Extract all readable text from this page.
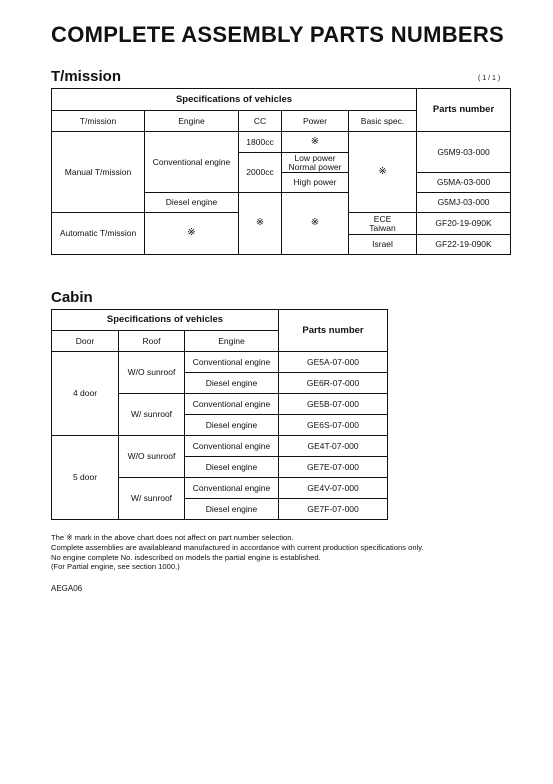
COMPLETE ASSEMBLY PARTS NUMBERS
T/mission	( 1 / 1 )
Specifications of vehicles					Parts number
T/mission	Engine	CC	Power	Basic spec.	
Manual T/mission	Conventional engine	1800cc	※	※	G5M9-03-000
		2000cc	Low power
Normal power		

			High power		G5MA-03-000
	Diesel engine	※	※		G5MJ-03-000
Automatic T/mission	※			ECE
Taiwan	GF20-19-090K
				Israel	GF22-19-090K
Cabin
Specifications of vehicles			Parts number
Door	Roof	Engine	
4 door	W/O sunroof	Conventional engine	GE5A-07-000
		Diesel engine	GE6R-07-000
	W/ sunroof	Conventional engine	GE5B-07-000
		Diesel engine	GE6S-07-000
5 door	W/O sunroof	Conventional engine	GE4T-07-000
		Diesel engine	GE7E-07-000
	W/ sunroof	Conventional engine	GE4V-07-000
		Diesel engine	GE7F-07-000
The ※ mark in the above chart does not affect on part number selection.
Complete assemblies are availableand manufactured in accordance with current production specifications only.
No engine complete No. isdescribed on models the partial engine is established.
(For Partial engine, see section 1000.)
AEGA06
